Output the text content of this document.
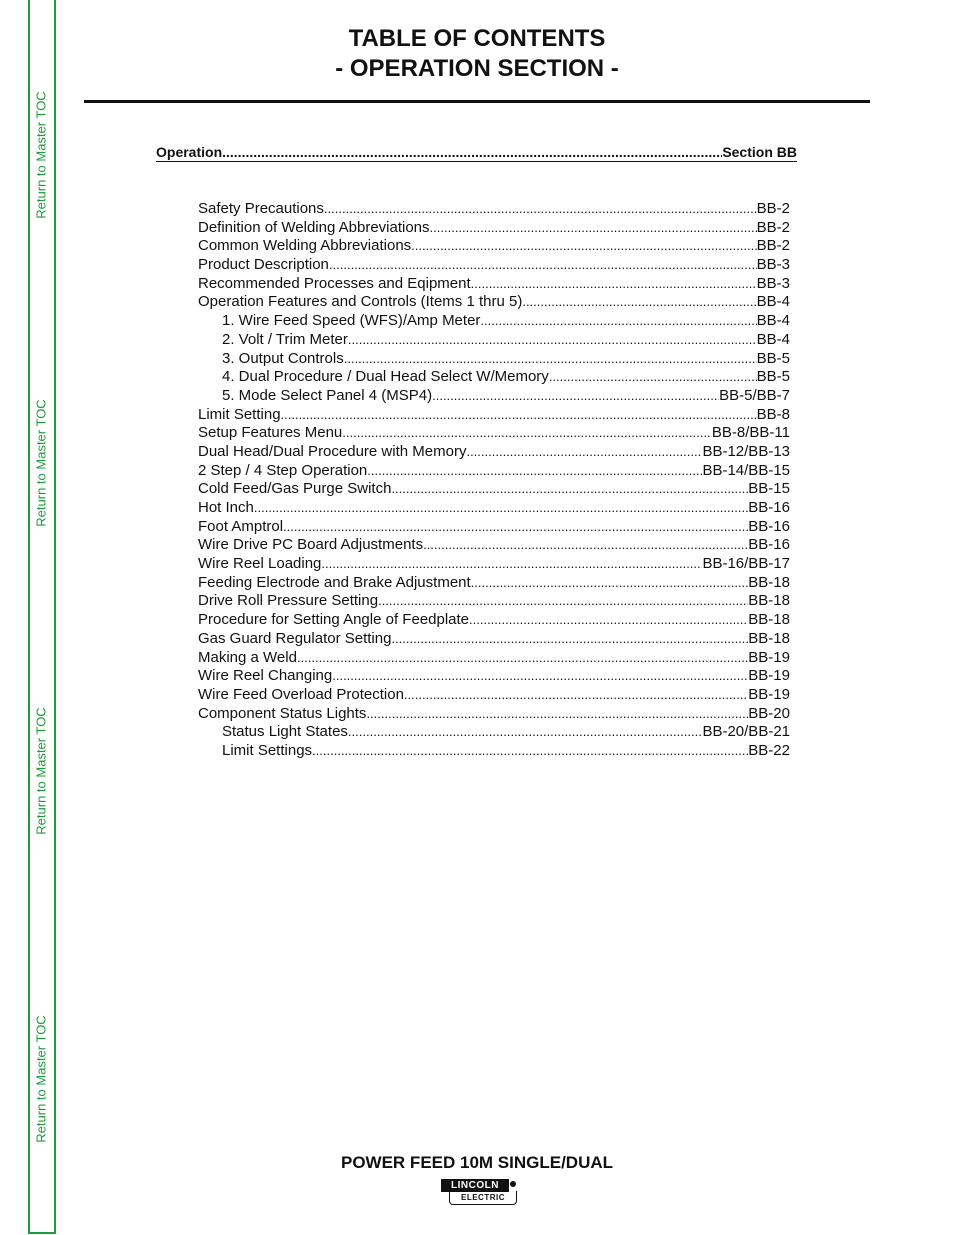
Return to Master TOC
Return to Master TOC
Return to Master TOC
Return to Master TOC
TABLE OF CONTENTS
- OPERATION SECTION -
Operation .....	Section BB
Safety Precautions .....	BB-2
Definition of Welding Abbreviations .....	BB-2
Common Welding Abbreviations .....	BB-2
Product Description .....	BB-3
Recommended Processes and Eqipment .....	BB-3
Operation Features and Controls (Items 1 thru 5) .....	BB-4
1. Wire Feed Speed (WFS)/Amp Meter .....	BB-4
2. Volt / Trim Meter .....	BB-4
3. Output Controls .....	BB-5
4. Dual Procedure / Dual Head Select W/Memory .....	BB-5
5. Mode Select Panel 4 (MSP4) .....	BB-5/BB-7
Limit Setting .....	BB-8
Setup Features Menu .....	BB-8/BB-11
Dual Head/Dual Procedure with Memory .....	BB-12/BB-13
2 Step / 4 Step Operation .....	BB-14/BB-15
Cold Feed/Gas Purge Switch .....	BB-15
Hot Inch .....	BB-16
Foot Amptrol .....	BB-16
Wire Drive PC Board Adjustments .....	BB-16
Wire Reel Loading .....	BB-16/BB-17
Feeding Electrode and Brake Adjustment .....	BB-18
Drive Roll Pressure Setting .....	BB-18
Procedure for Setting Angle of Feedplate .....	BB-18
Gas Guard Regulator Setting .....	BB-18
Making a Weld .....	BB-19
Wire Reel Changing .....	BB-19
Wire Feed Overload Protection .....	BB-19
Component Status Lights .....	BB-20
Status Light States .....	BB-20/BB-21
Limit Settings .....	BB-22
POWER FEED 10M SINGLE/DUAL
LINCOLN
ELECTRIC
